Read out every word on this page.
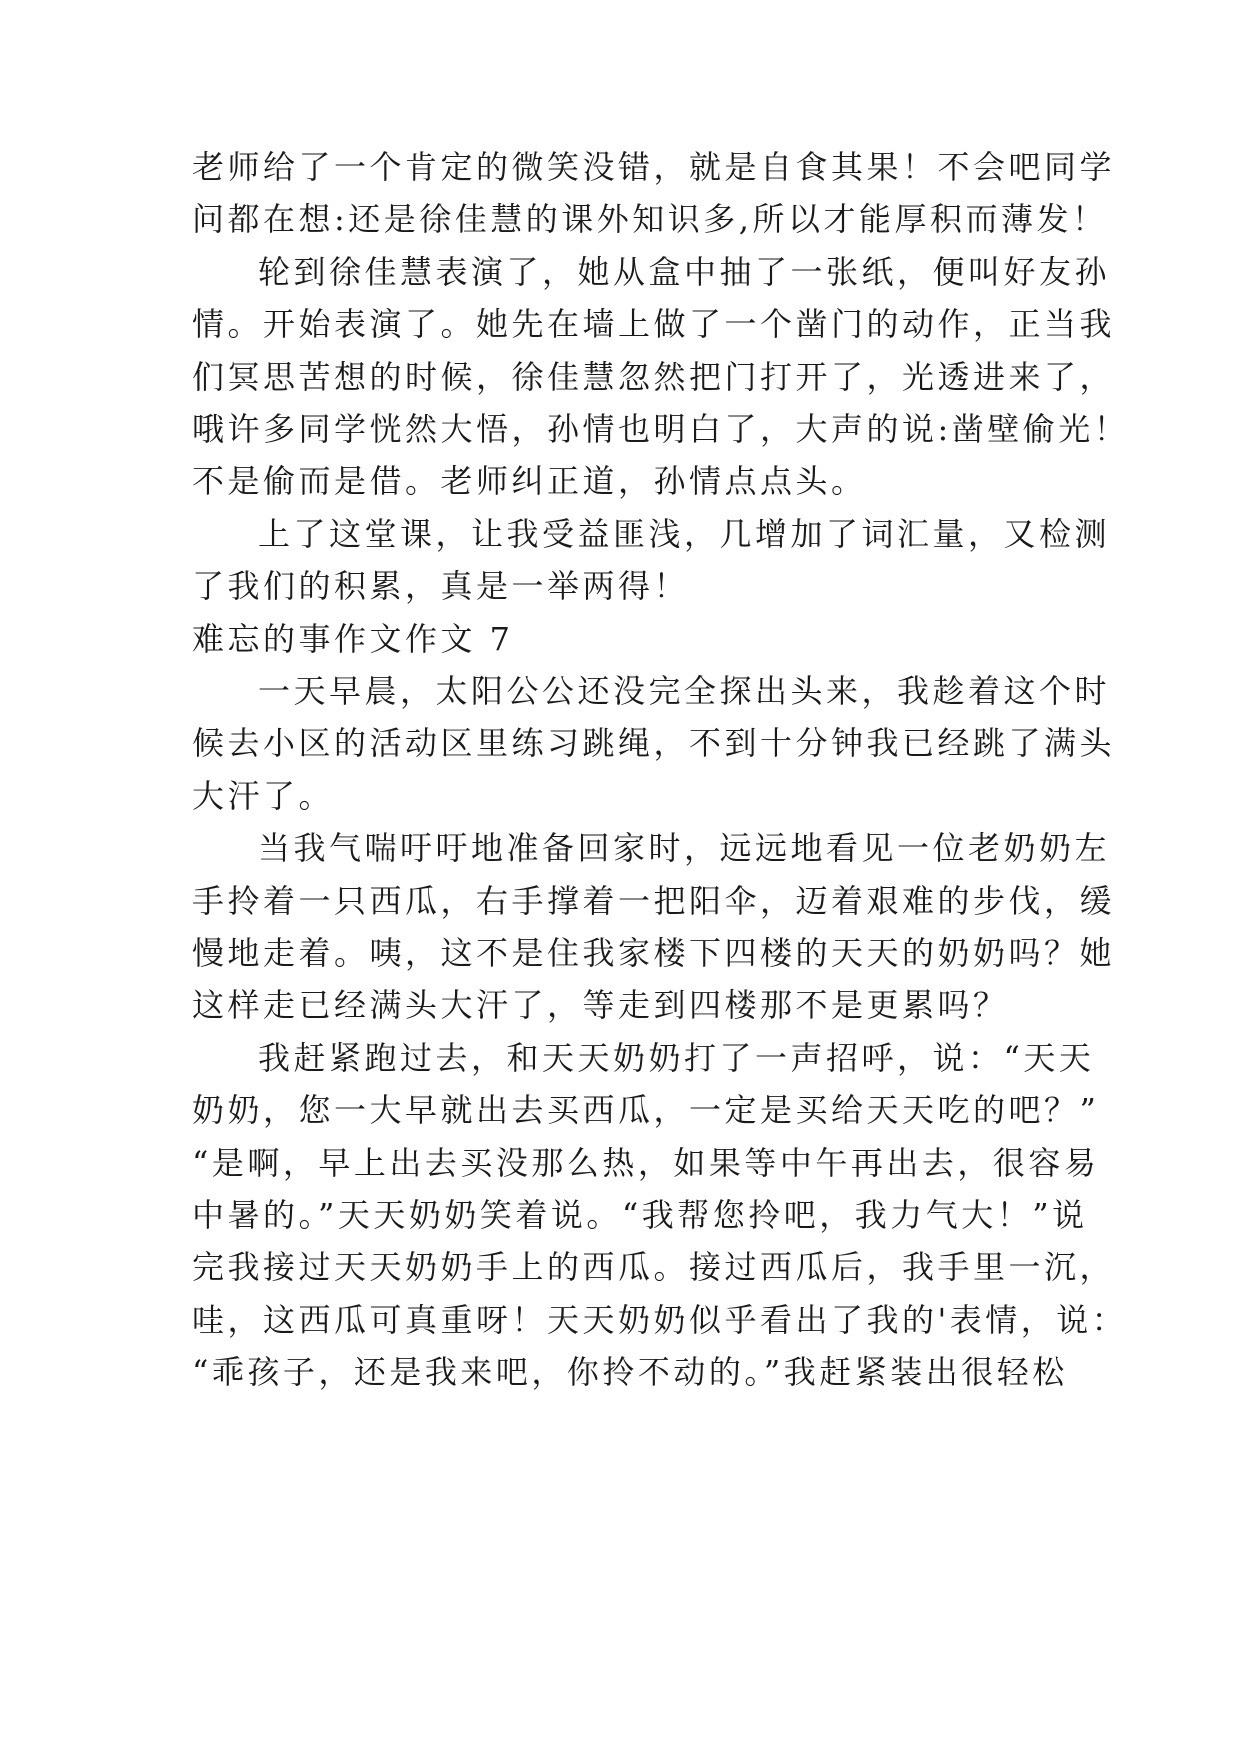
老师给了一个肯定的微笑没错，就是自食其果！不会吧同学
问都在想:还是徐佳慧的课外知识多,所以才能厚积而薄发！
轮到徐佳慧表演了，她从盒中抽了一张纸，便叫好友孙
情。开始表演了。她先在墙上做了一个凿门的动作，正当我
们冥思苦想的时候，徐佳慧忽然把门打开了，光透进来了，
哦许多同学恍然大悟，孙情也明白了，大声的说:凿壁偷光！
不是偷而是借。老师纠正道，孙情点点头。
上了这堂课，让我受益匪浅，几增加了词汇量，又检测
了我们的积累，真是一举两得！
难忘的事作文作文 7
一天早晨，太阳公公还没完全探出头来，我趁着这个时
候去小区的活动区里练习跳绳，不到十分钟我已经跳了满头
大汗了。
当我气喘吁吁地准备回家时，远远地看见一位老奶奶左
手拎着一只西瓜，右手撑着一把阳伞，迈着艰难的步伐，缓
慢地走着。咦，这不是住我家楼下四楼的天天的奶奶吗？她
这样走已经满头大汗了，等走到四楼那不是更累吗？
我赶紧跑过去，和天天奶奶打了一声招呼，说：“天天
奶奶，您一大早就出去买西瓜，一定是买给天天吃的吧？”
“是啊，早上出去买没那么热，如果等中午再出去，很容易
中暑的。”天天奶奶笑着说。“我帮您拎吧，我力气大！”说
完我接过天天奶奶手上的西瓜。接过西瓜后，我手里一沉，
哇，这西瓜可真重呀！天天奶奶似乎看出了我的'表情，说：
“乖孩子，还是我来吧，你拎不动的。”我赶紧装出很轻松
